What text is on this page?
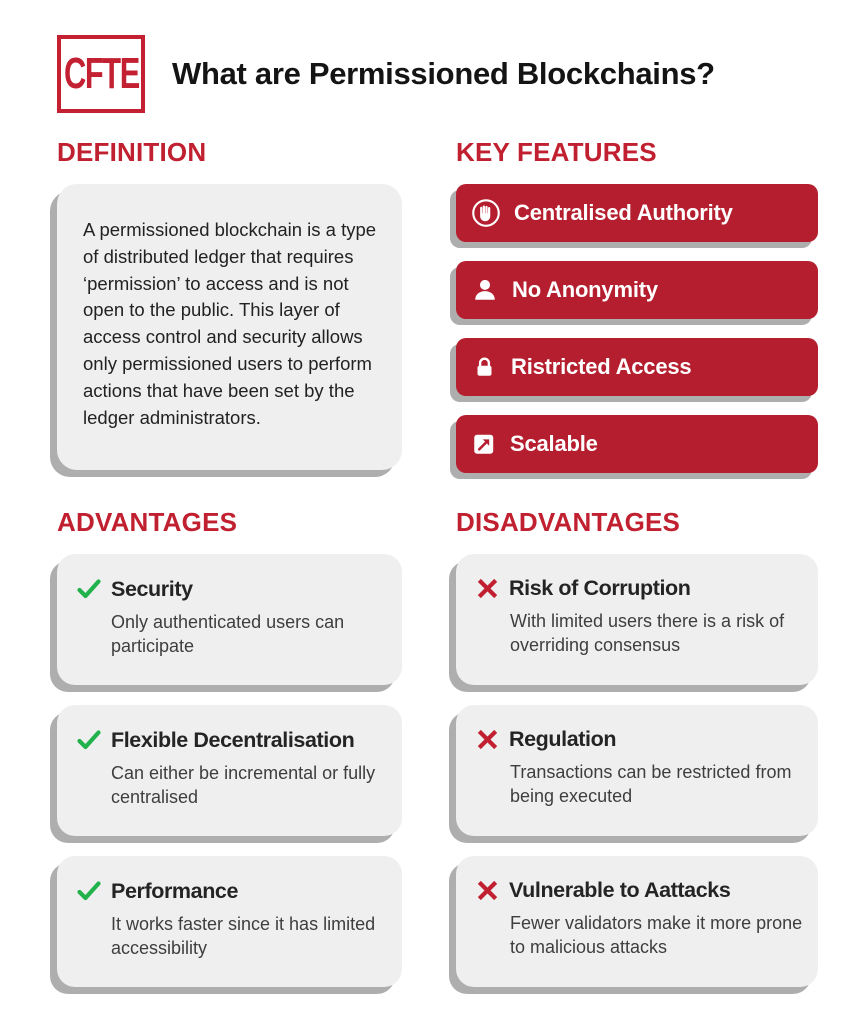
CFTE What are Permissioned Blockchains?
DEFINITION	KEY FEATURES
A permissioned blockchain is a type of distributed ledger that requires ‘permission’ to access and is not open to the public. This layer of access control and security allows only permissioned users to perform actions that have been set by the ledger administrators.
Centralised Authority
No Anonymity
Ristricted Access
Scalable
ADVANTAGES	DISADVANTAGES
Security
Only authenticated users can participate
Risk of Corruption
With limited users there is a risk of overriding consensus
Flexible Decentralisation
Can either be incremental or fully centralised
Regulation
Transactions can be restricted from being executed
Performance
It works faster since it has limited accessibility
Vulnerable to Aattacks
Fewer validators make it more prone to malicious attacks
